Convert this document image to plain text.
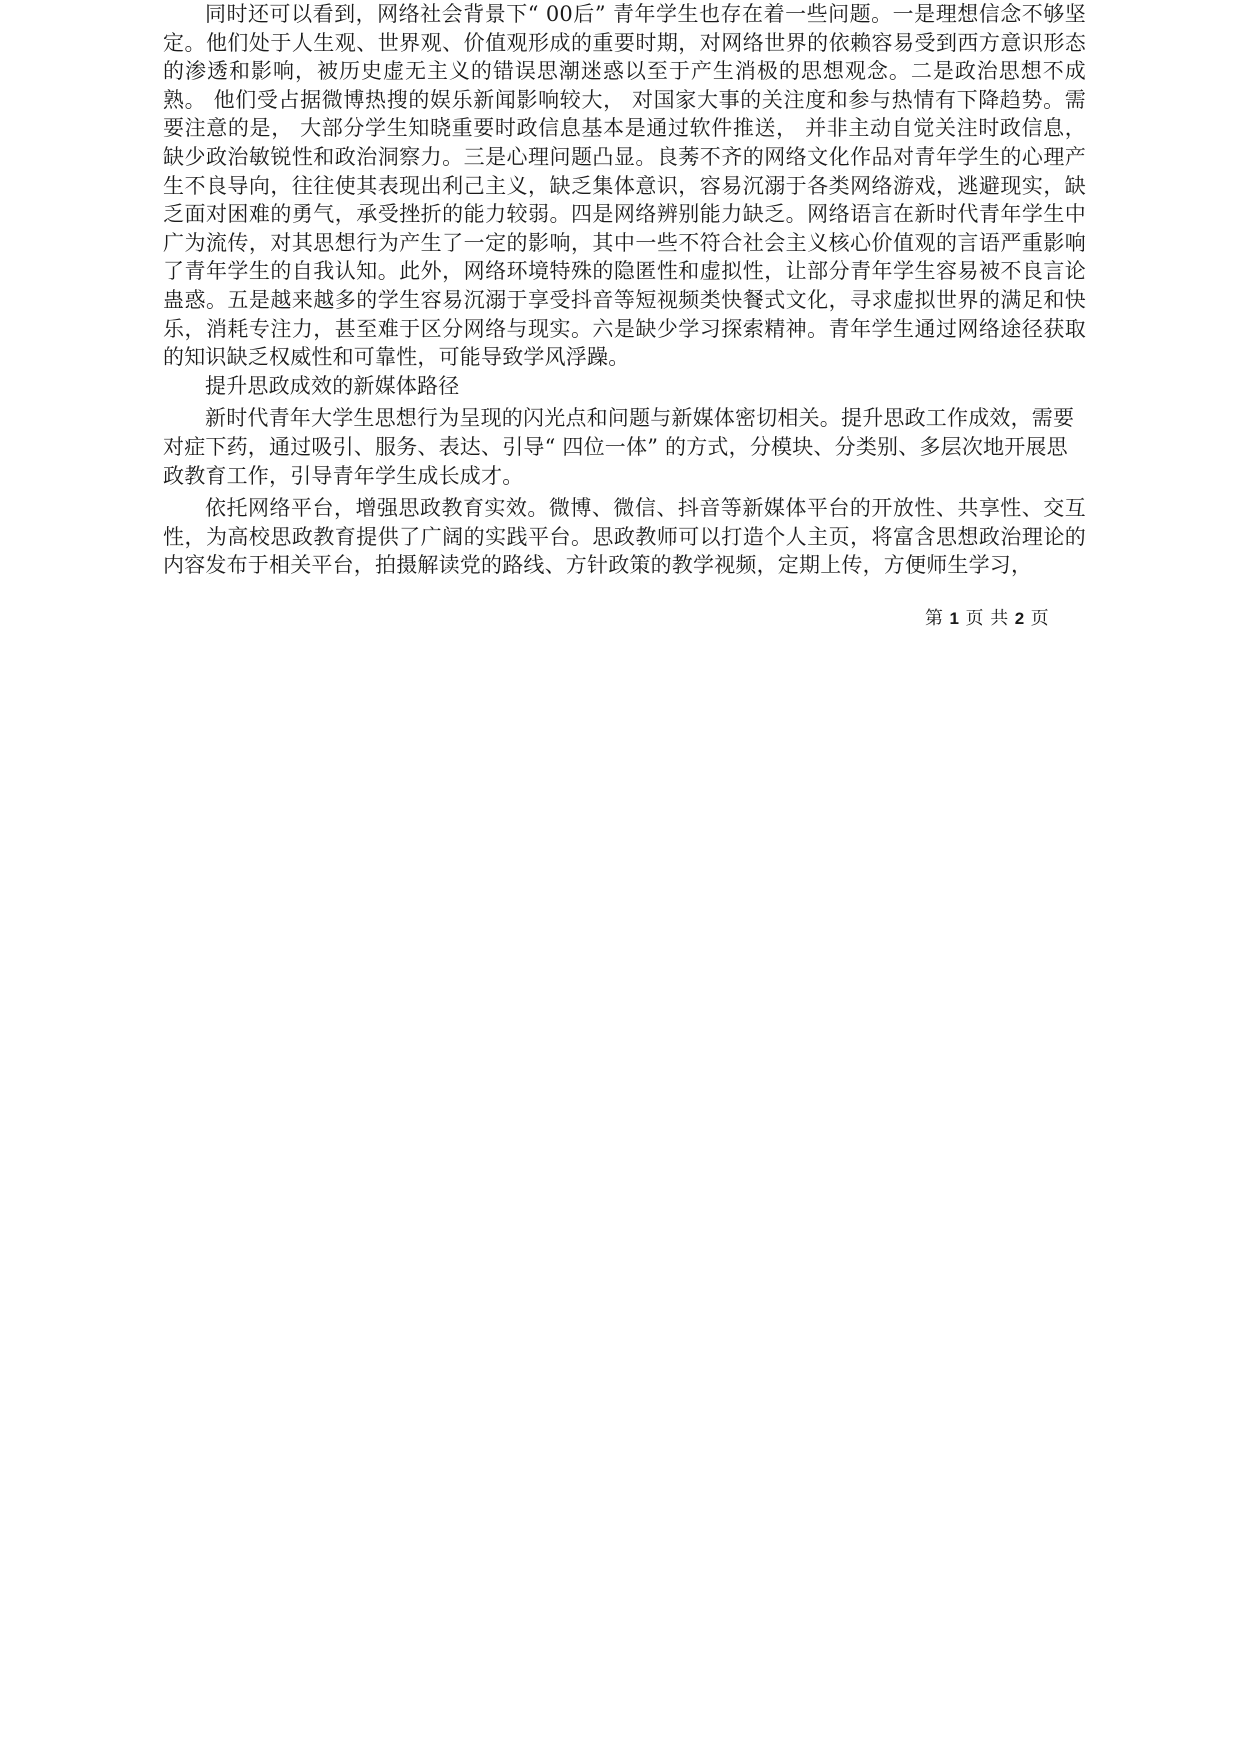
同时还可以看到，网络社会背景下“ 00后” 青年学生也存在着一些问题。一是理想信念不够坚定。他们处于人生观、世界观、价值观形成的重要时期，对网络世界的依赖容易受到西方意识形态的渗透和影响，被历史虚无主义的错误思潮迷惑以至于产生消极的思想观念。二是政治思想不成熟。 他们受占据微博热搜的娱乐新闻影响较大， 对国家大事的关注度和参与热情有下降趋势。需要注意的是， 大部分学生知晓重要时政信息基本是通过软件推送， 并非主动自觉关注时政信息，缺少政治敏锐性和政治洞察力。三是心理问题凸显。良莠不齐的网络文化作品对青年学生的心理产生不良导向，往往使其表现出利己主义，缺乏集体意识，容易沉溺于各类网络游戏，逃避现实，缺乏面对困难的勇气，承受挫折的能力较弱。四是网络辨别能力缺乏。网络语言在新时代青年学生中广为流传，对其思想行为产生了一定的影响，其中一些不符合社会主义核心价值观的言语严重影响了青年学生的自我认知。此外，网络环境特殊的隐匿性和虚拟性，让部分青年学生容易被不良言论蛊惑。五是越来越多的学生容易沉溺于享受抖音等短视频类快餐式文化，寻求虚拟世界的满足和快乐，消耗专注力，甚至难于区分网络与现实。六是缺少学习探索精神。青年学生通过网络途径获取的知识缺乏权威性和可靠性，可能导致学风浮躁。

提升思政成效的新媒体路径

新时代青年大学生思想行为呈现的闪光点和问题与新媒体密切相关。提升思政工作成效，需要对症下药，通过吸引、服务、表达、引导“ 四位一体” 的方式，分模块、分类别、多层次地开展思政教育工作，引导青年学生成长成才。

依托网络平台，增强思政教育实效。微博、微信、抖音等新媒体平台的开放性、共享性、交互性，为高校思政教育提供了广阔的实践平台。思政教师可以打造个人主页，将富含思想政治理论的内容发布于相关平台，拍摄解读党的路线、方针政策的教学视频，定期上传，方便师生学习，

第 1 页 共 2 页
